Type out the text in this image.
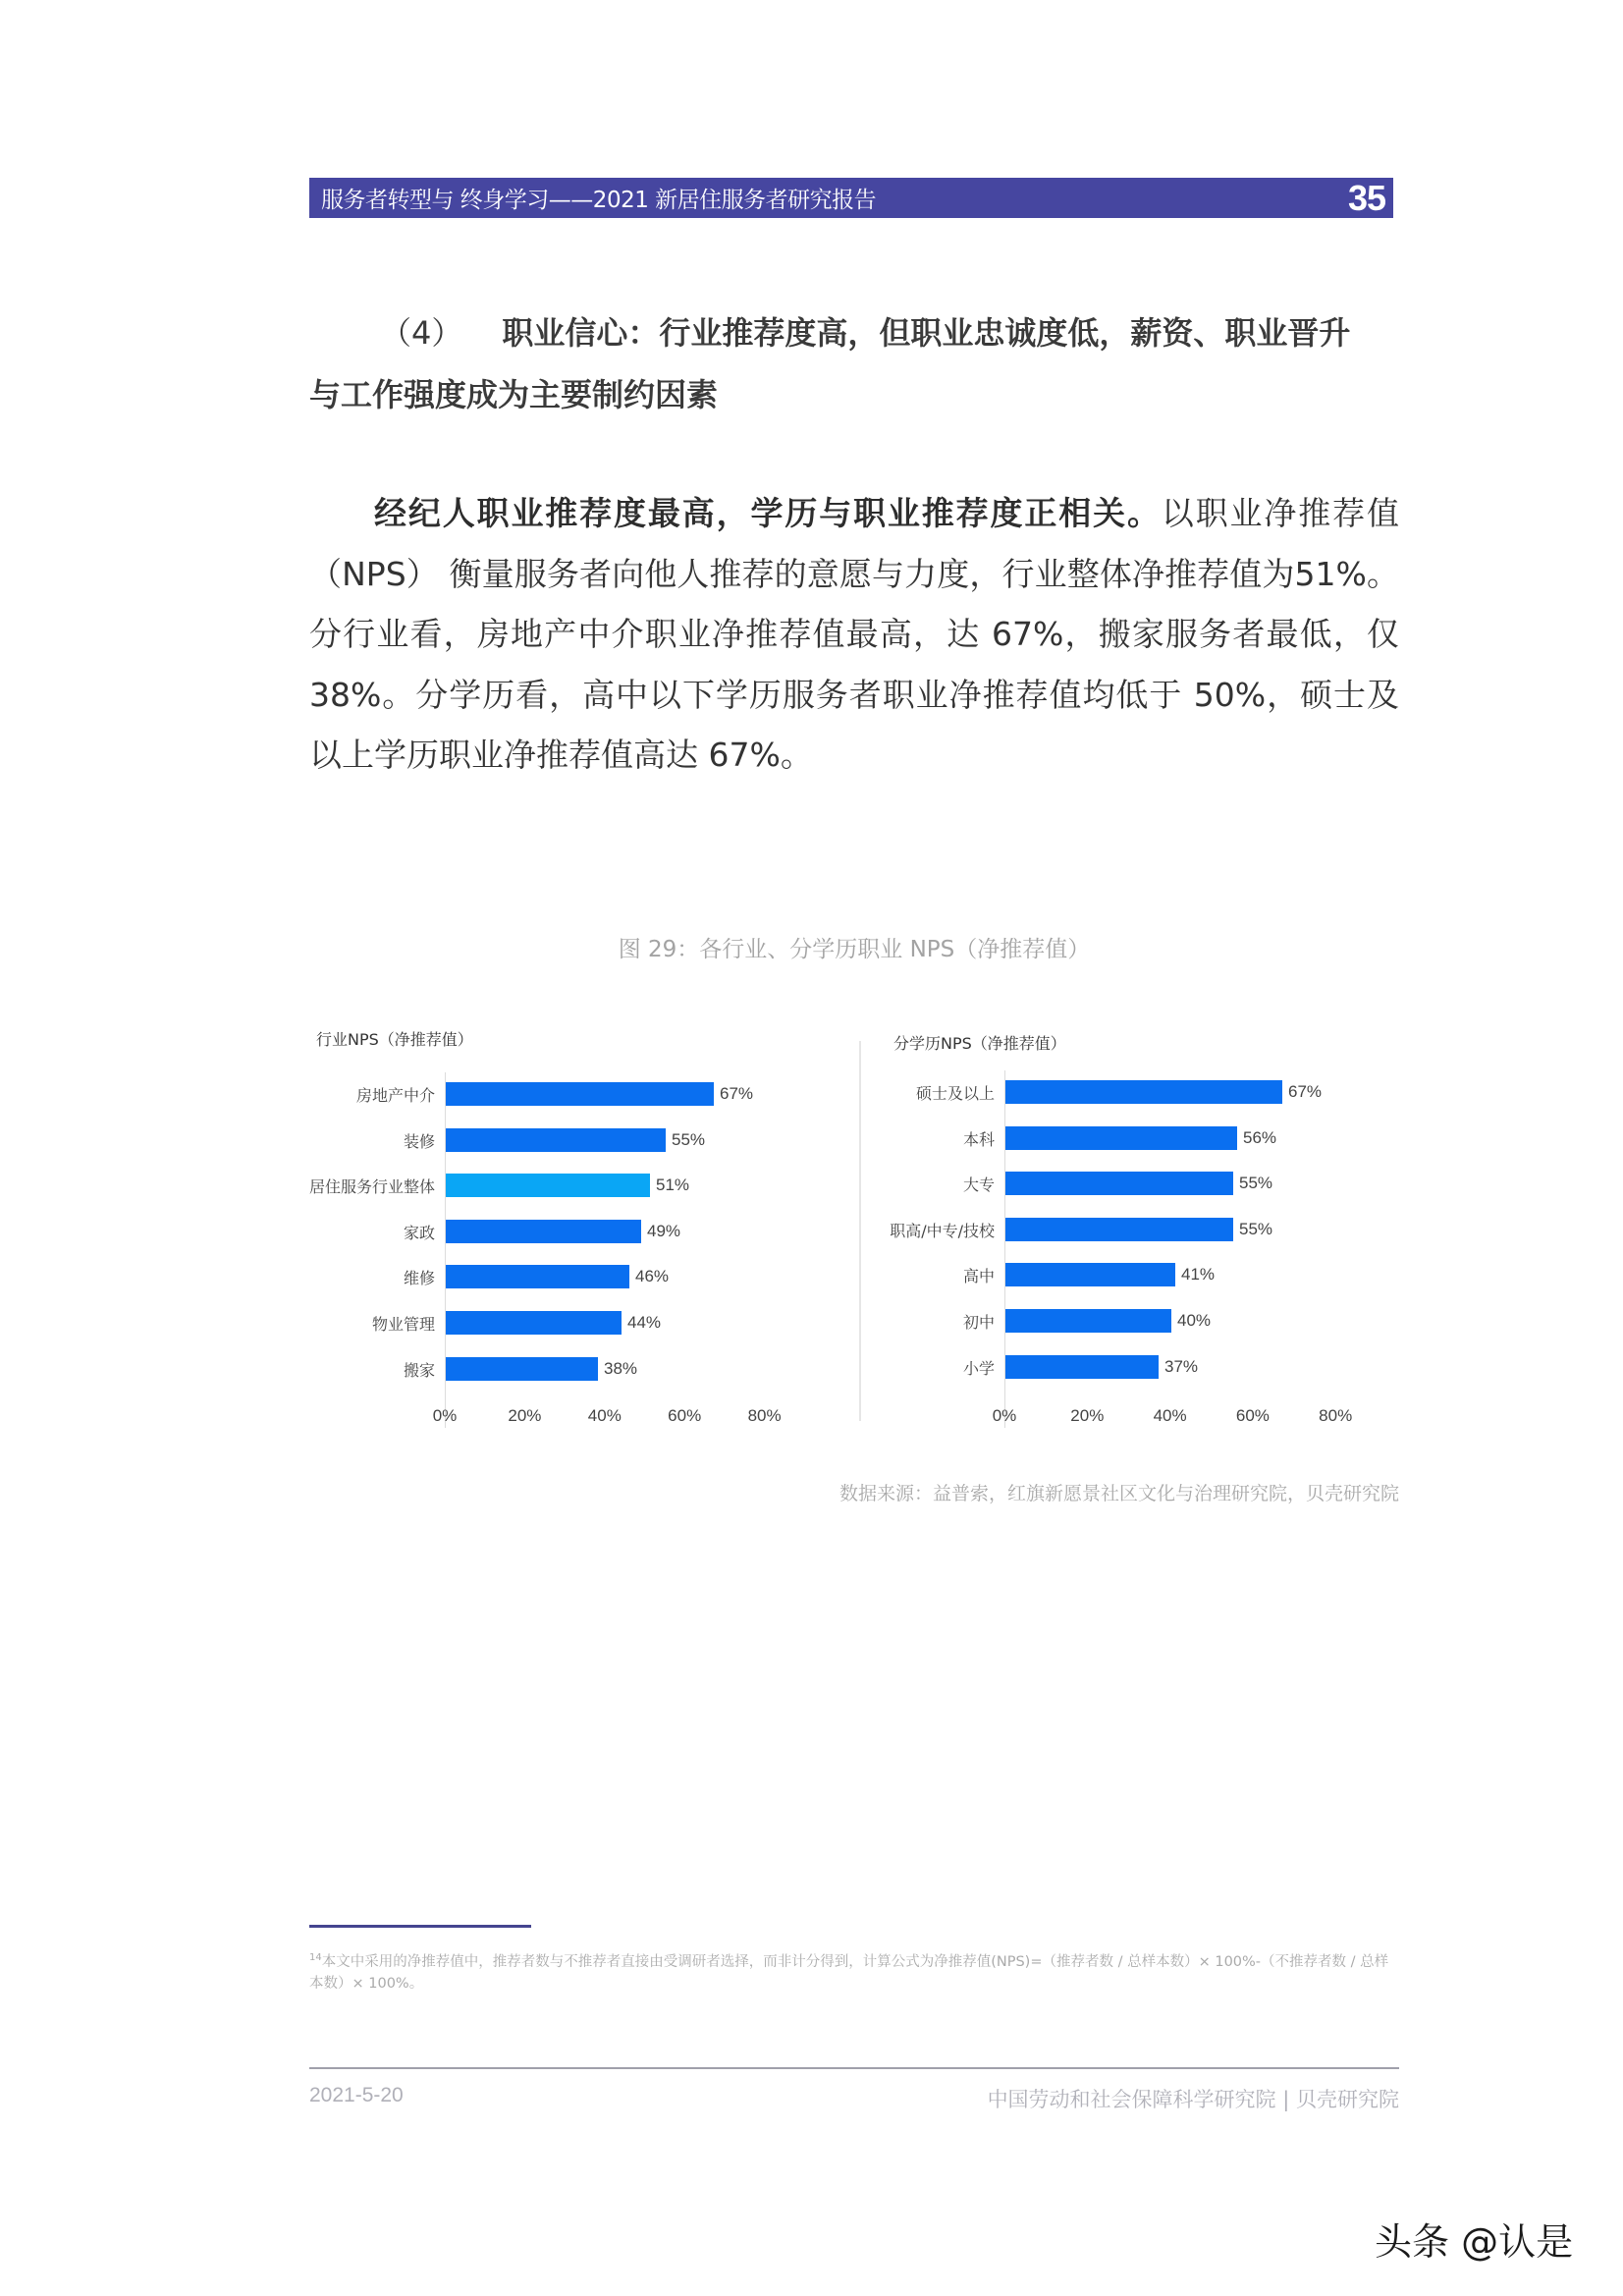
服务者转型与 终身学习——2021 新居住服务者研究报告	35
（4） 职业信心：行业推荐度高，但职业忠诚度低，薪资、职业晋升
与工作强度成为主要制约因素
经纪人职业推荐度最高，学历与职业推荐度正相关。以职业净推荐值（NPS） 衡量服务者向他人推荐的意愿与力度，行业整体净推荐值为51%。分行业看，房地产中介职业净推荐值最高，达 67%，搬家服务者最低，仅 38%。分学历看，高中以下学历服务者职业净推荐值均低于 50%，硕士及以上学历职业净推荐值高达 67%。
图 29：各行业、分学历职业 NPS（净推荐值）
行业NPS（净推荐值）
房地产中介	67%
装修	55%
居住服务行业整体	51%
家政	49%
维修	46%
物业管理	44%
搬家	38%
0%	20%	40%	60%	80%
分学历NPS（净推荐值）
硕士及以上	67%
本科	56%
大专	55%
职高/中专/技校	55%
高中	41%
初中	40%
小学	37%
0%	20%	40%	60%	80%
数据来源：益普索，红旗新愿景社区文化与治理研究院，贝壳研究院
$^{14}$本文中采用的净推荐值中，推荐者数与不推荐者直接由受调研者选择，而非计分得到，计算公式为净推荐值(NPS)=（推荐者数 / 总样本数）× 100%-（不推荐者数 / 总样本数）× 100%。
2021-5-20	中国劳动和社会保障科学研究院 | 贝壳研究院
头条 @认是
